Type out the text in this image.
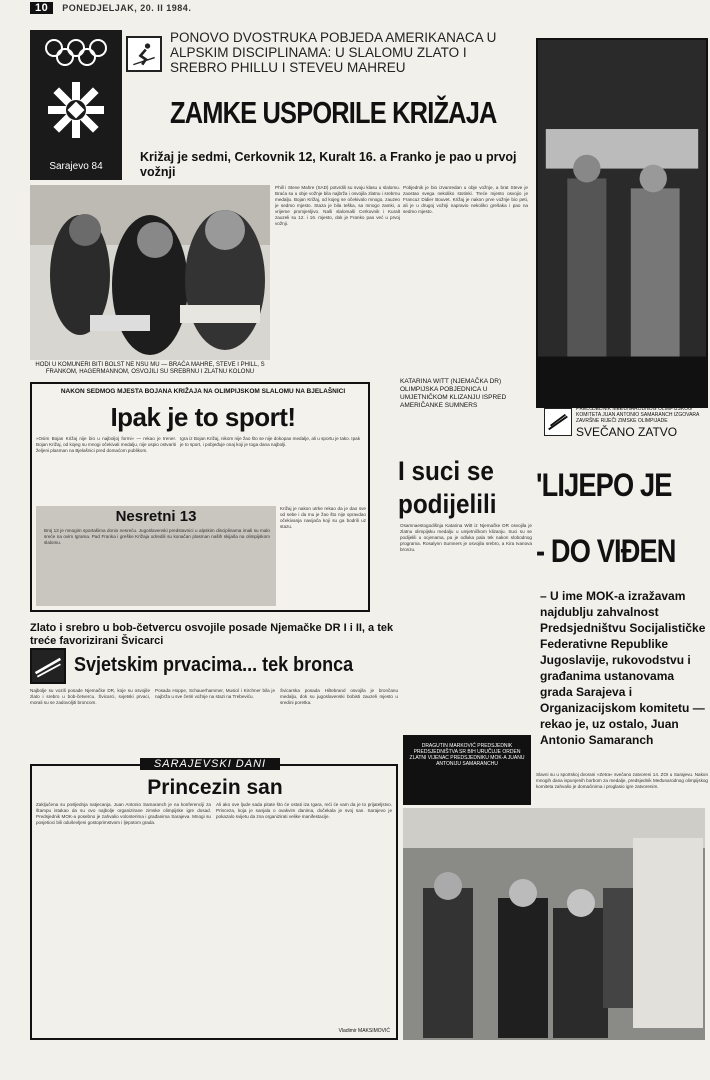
10 PONEDJELJAK, 20. II 1984.
Sarajevo 84
PONOVO DVOSTRUKA POBJEDA AMERIKANACA U ALPSKIM DISCIPLINAMA: U SLALOMU ZLATO I SREBRO PHILLU I STEVEU MAHREU
ZAMKE USPORILE KRIŽAJA
Križaj je sedmi, Cerkovnik 12, Kuralt 16. a Franko je pao u prvoj vožnji
HODI U KOMUNERI BITI BOLST NE NSU MU — BRAĆA MAHRE, STEVE I PHILL, S FRANKOM, HAGERMANNOM, OSVOJILI SU SREBRNU I ZLATNU KOLONU
Phill i Steve Mahre (SAD) potvrdili su svoju klasu u slalomu. Braća su u obje vožnje bila najbrža i osvojila zlatnu i srebrnu medalju. Bojan Križaj, od kojeg se očekivalo mnogo, zauzeo je sedmo mjesto. Staza je bila teška, sa mnogo zamki, a vrijeme promjenljivo. Naši slalomaši Cerkovnik i Kuralt zauzeli su 12. i 16. mjesto, dok je Franko pao već u prvoj vožnji.
Pobjednik je bio izvanredan u obje vožnje, a brat Steve je zaostao svega nekoliko stotinki. Treće mjesto osvojio je Francuz Didier Bouvet. Križaj je nakon prve vožnje bio peti, ali je u drugoj vožnji napravio nekoliko grešaka i pao na sedmo mjesto.
PREDSJEDNIK MEĐUNARODNOG OLIMPIJSKOG KOMITETA JUAN ANTONIO SAMARANCH IZGOVARA ZAVRŠNE RIJEČI ZIMSKE OLIMPIJADE
SVEČANO ZATVO
'LIJEPO JE
- DO VIĐEN
– U ime MOK-a izražavam najdublju zahvalnost Predsjedništvu Socijalističke Federativne Republike Jugoslavije, rukovodstvu i građanima ustanovama grada Sarajeva i Organizacijskom komitetu — rekao je, uz ostalo, Juan Antonio Samaranch
Slavni su u sportskoj dvorani »Zetra« svečano zatvoreni 14. ZOI u Sarajevu. Nakon mnogih dana ispunjenih borbom za medalje, predsjednik Međunarodnog olimpijskog komiteta zahvalio je domaćinima i proglasio igre zatvorenim.
NAKON SEDMOG MJESTA BOJANA KRIŽAJA NA OLIMPIJSKOM SLALOMU NA BJELAŠNICI
Ipak je to sport!
»Osim Bojan Križaj nije bio u najboljoj formi« — rekao je trener. Bojan Križaj, od kojeg su mnogi očekivali medalju, nije uspio ostvariti željeni plasman na Bjelašnici pred domaćom publikom.
Igra iz Bojan Križaj, nikom nije žao što se nije dokopao medalje, ali u sportu je tako. Ipak je to sport, i pobjeđuje onaj koji je toga dana najbolji.
Nesretni 13
Broj 13 je mnogim sportašima donio nesreću. Jugoslavenski predstavnici u alpskim disciplinama imali su malo sreće na ovim Igrama. Pad Franka i greške Križaja odredili su konačan plasman naših skijaša na olimpijskom slalomu.
Križaj je nakon utrke rekao da je dao sve od sebe i da mu je žao što nije opravdao očekivanja navijača koji su ga bodrili uz stazu.
KATARINA WITT (NJEMAČKA DR) OLIMPIJSKA POBJEDNICA U UMJETNIČKOM KLIZANJU ISPRED AMERIČANKE SUMNERS
I suci se podijelili
Osamnaestogodišnja Katarina Witt iz Njemačke DR osvojila je zlatnu olimpijsku medalju u umjetničkom klizanju. Suci su se podijelili u ocjenama, pa je odluka pala tek nakon slobodnog programa. Rosalynn Sumners je osvojila srebro, a Kira Ivanova bronzu.
Zlato i srebro u bob-četvercu osvojile posade Njemačke DR I i II, a tek treće favorizirani Švicarci
Svjetskim prvacima... tek bronca
Najbolje su vozili posade Njemačke DR, koje su osvojile zlato i srebro u bob-četvercu. Švicarci, svjetski prvaci, morali su se zadovoljiti broncom.
Posada Hoppe, Schauerhammer, Musiol i Kirchner bila je najbrža u sve četiri vožnje na stazi na Trebeviću.
Švicarska posada Hiltebrand osvojila je brončanu medalju, dok su jugoslavenski bobisti zauzeli mjesto u sredini poretka.
DRAGUTIN MARKOVIĆ PREDSJEDNIK PREDSJEDNIŠTVA SR BIH URUČUJE ORDEN ZLATNI VIJENAC PREDSJEDNIKU MOK-A JUANU ANTONIJU SAMARANCHU
SARAJEVSKI DANI
Princezin san
Zaključena su posljednja natjecanja. Juan Antonio Samaranch je na konferenciji za štampu istakao da su ovo najbolje organizirane zimske olimpijske igre dosad. Predsjednik MOK-a posebno je zahvalio volonterima i građanima Sarajeva. Mnogi su posjetioci bili oduševljeni gostoprimstvom i ljepotom grada.
Ali ako ove ljude sada pitate što će ostati iza Igara, reći će vam da je to prijateljstvo. Princeza, koja je sanjala o ovakvim danima, dočekala je svoj san. Sarajevo je pokazalo svijetu da zna organizirati velike manifestacije.
Vladimir MAKSIMOVIĆ
